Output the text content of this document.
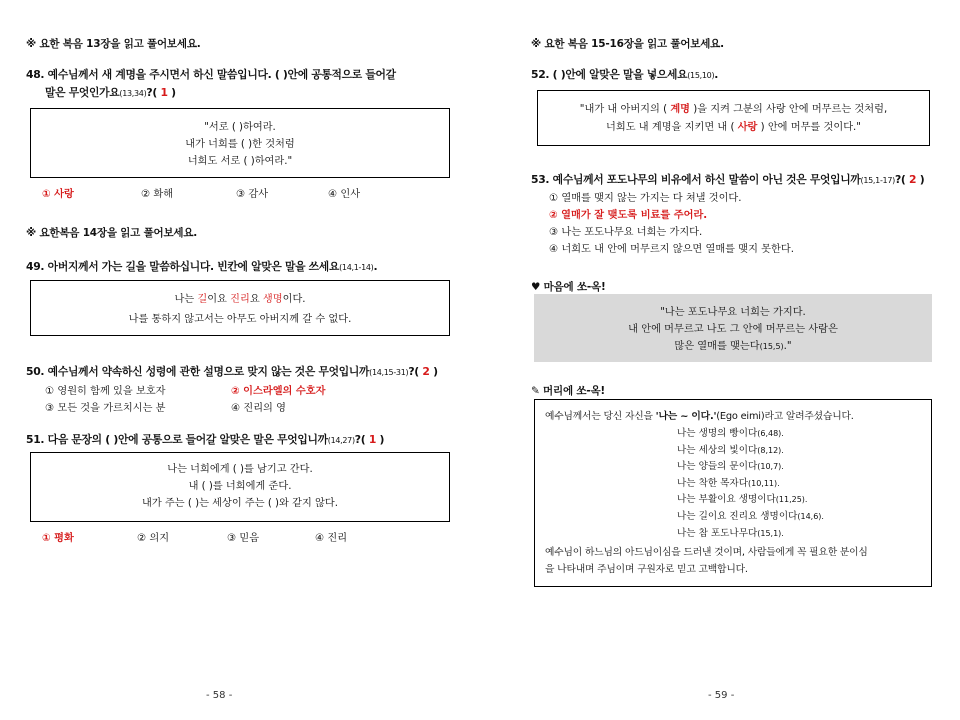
※ 요한 복음 13장을 읽고 풀어보세요.
48. 예수님께서 새 계명을 주시면서 하신 말씀입니다. ( )안에 공통적으로 들어갈
말은 무엇인가요(13,34)?( 1 )
"서로 ( )하여라.
내가 너희를 ( )한 것처럼
너희도 서로 ( )하여라."
① 사랑	② 화해	③ 감사	④ 인사
※ 요한복음 14장을 읽고 풀어보세요.
49. 아버지께서 가는 길을 말씀하십니다. 빈칸에 알맞은 말을 쓰세요(14,1-14).
나는 길이요 진리요 생명이다.
나를 통하지 않고서는 아무도 아버지께 갈 수 없다.
50. 예수님께서 약속하신 성령에 관한 설명으로 맞지 않는 것은 무엇입니까(14,15-31)?( 2 )
① 영원히 함께 있을 보호자	② 이스라엘의 수호자
③ 모든 것을 가르치시는 분	④ 진리의 영
51. 다음 문장의 ( )안에 공통으로 들어갈 알맞은 말은 무엇입니까(14,27)?( 1 )
나는 너희에게 ( )를 남기고 간다.
내 ( )를 너희에게 준다.
내가 주는 ( )는 세상이 주는 ( )와 같지 않다.
① 평화	② 의지	③ 믿음	④ 진리
- 58 -
※ 요한 복음 15-16장을 읽고 풀어보세요.
52. ( )안에 알맞은 말을 넣으세요(15,10).
"내가 내 아버지의 ( 계명 )을 지켜 그분의 사랑 안에 머무르는 것처럼,
너희도 내 계명을 지키면 내 ( 사랑 ) 안에 머무를 것이다."
53. 예수님께서 포도나무의 비유에서 하신 말씀이 아닌 것은 무엇입니까(15,1-17)?( 2 )
① 열매를 맺지 않는 가지는 다 쳐낼 것이다.
② 열매가 잘 맺도록 비료를 주어라.
③ 나는 포도나무요 너희는 가지다.
④ 너희도 내 안에 머무르지 않으면 열매를 맺지 못한다.
♥ 마음에 쏘-옥!
"나는 포도나무요 너희는 가지다.
내 안에 머무르고 나도 그 안에 머무르는 사람은
많은 열매를 맺는다(15,5)."
✎ 머리에 쏘-옥!
예수님께서는 당신 자신을 '나는 ~ 이다.'(Ego eimi)라고 알려주셨습니다.
나는 생명의 빵이다(6,48).
나는 세상의 빛이다(8,12).
나는 양들의 문이다(10,7).
나는 착한 목자다(10,11).
나는 부활이요 생명이다(11,25).
나는 길이요 진리요 생명이다(14,6).
나는 참 포도나무다(15,1).
예수님이 하느님의 아드님이심을 드러낸 것이며, 사람들에게 꼭 필요한 분이심
을 나타내며 주님이며 구원자로 믿고 고백합니다.
- 59 -
